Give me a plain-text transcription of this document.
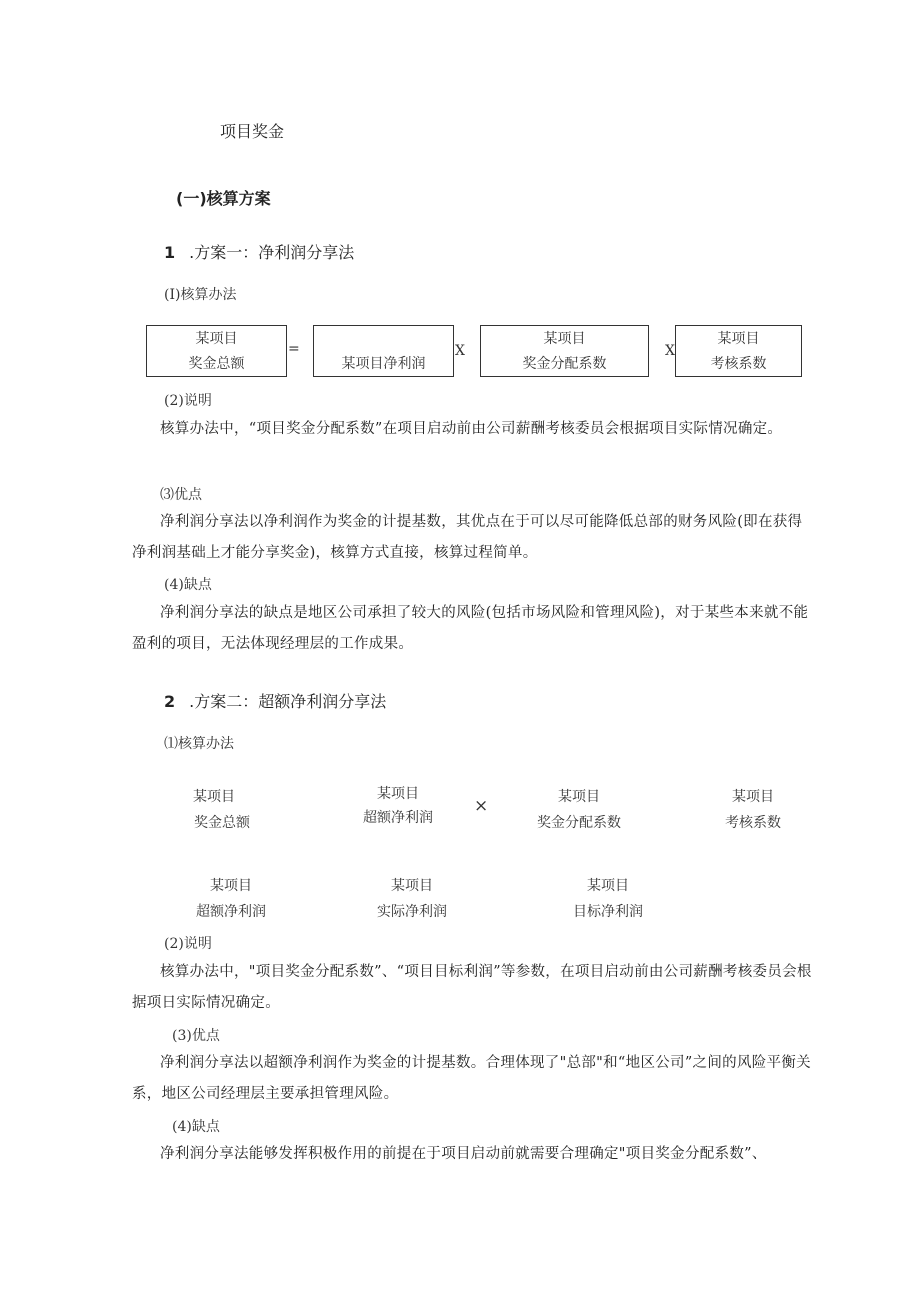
项目奖金
(一)核算方案
1 .方案一：净利润分享法
(I)核算办法
某项目
奖金总额
=
某项目净利润
X
某项目
奖金分配系数
X
某项目
考核系数
(2)说明
核算办法中，“项目奖金分配系数”在项目启动前由公司薪酬考核委员会根据项目实际情况确定。
⑶优点
净利润分享法以净利润作为奖金的计提基数，其优点在于可以尽可能降低总部的财务风险(即在获得净利润基础上才能分享奖金)，核算方式直接，核算过程简单。
(4)缺点
净利润分享法的缺点是地区公司承担了较大的风险(包括市场风险和管理风险)，对于某些本来就不能盈利的项目，无法体现经理层的工作成果。
2 .方案二：超额净利润分享法
⑴核算办法
某项目
奖金总额
某项目
超额净利润
×	某项目
奖金分配系数
某项目
考核系数
某项目
超额净利润
某项目
实际净利润
某项目
目标净利润
(2)说明
核算办法中，"项目奖金分配系数”、“项目目标利润”等参数，在项目启动前由公司薪酬考核委员会根据项日实际情况确定。
(3)优点
净利润分享法以超额净利润作为奖金的计提基数。合理体现了"总部"和“地区公司”之间的风险平衡关系，地区公司经理层主要承担管理风险。
(4)缺点
净利润分享法能够发挥积极作用的前提在于项目启动前就需要合理确定"项目奖金分配系数”、
